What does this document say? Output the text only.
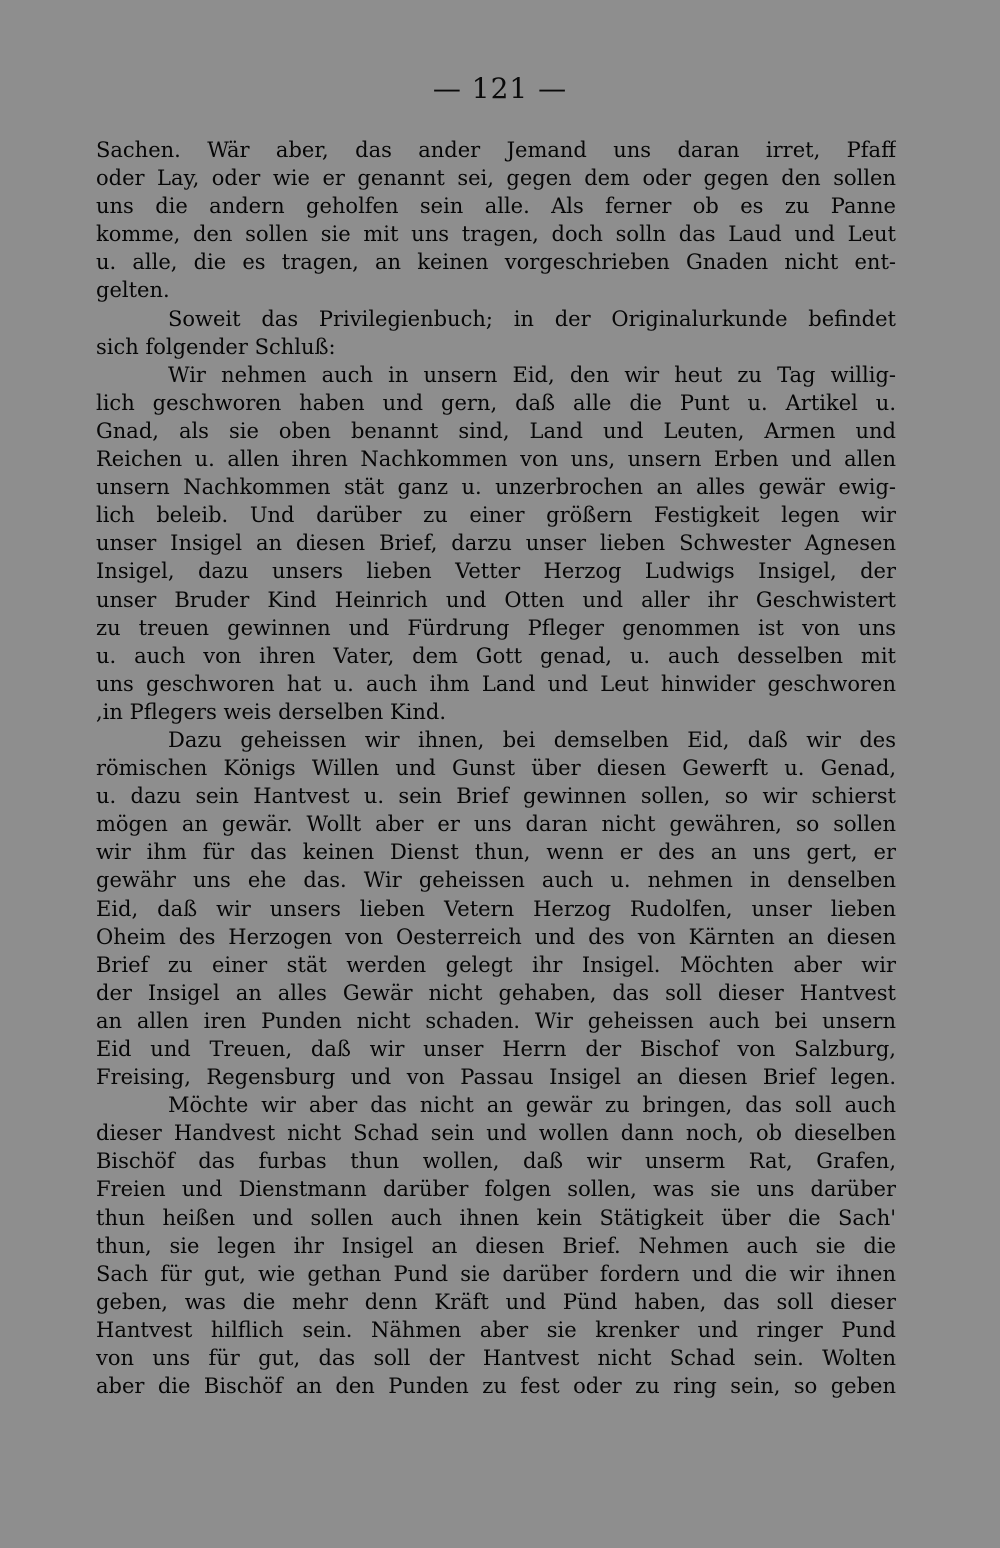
— 121 —
Sachen. Wär aber, das ander Jemand uns daran irret, Pfaff
oder Lay, oder wie er genannt sei, gegen dem oder gegen den sollen
uns die andern geholfen sein alle. Als ferner ob es zu Panne
komme, den sollen sie mit uns tragen, doch solln das Laud und Leut
u. alle, die es tragen, an keinen vorgeschrieben Gnaden nicht ent-
gelten.
Soweit das Privilegienbuch; in der Originalurkunde befindet
sich folgender Schluß:
Wir nehmen auch in unsern Eid, den wir heut zu Tag willig-
lich geschworen haben und gern, daß alle die Punt u. Artikel u.
Gnad, als sie oben benannt sind, Land und Leuten, Armen und
Reichen u. allen ihren Nachkommen von uns, unsern Erben und allen
unsern Nachkommen stät ganz u. unzerbrochen an alles gewär ewig-
lich beleib. Und darüber zu einer größern Festigkeit legen wir
unser Insigel an diesen Brief, darzu unser lieben Schwester Agnesen
Insigel, dazu unsers lieben Vetter Herzog Ludwigs Insigel, der
unser Bruder Kind Heinrich und Otten und aller ihr Geschwistert
zu treuen gewinnen und Fürdrung Pfleger genommen ist von uns
u. auch von ihren Vater, dem Gott genad, u. auch desselben mit
uns geschworen hat u. auch ihm Land und Leut hinwider geschworen
,in Pflegers weis derselben Kind.
Dazu geheissen wir ihnen, bei demselben Eid, daß wir des
römischen Königs Willen und Gunst über diesen Gewerft u. Genad,
u. dazu sein Hantvest u. sein Brief gewinnen sollen, so wir schierst
mögen an gewär. Wollt aber er uns daran nicht gewähren, so sollen
wir ihm für das keinen Dienst thun, wenn er des an uns gert, er
gewähr uns ehe das. Wir geheissen auch u. nehmen in denselben
Eid, daß wir unsers lieben Vetern Herzog Rudolfen, unser lieben
Oheim des Herzogen von Oesterreich und des von Kärnten an diesen
Brief zu einer stät werden gelegt ihr Insigel. Möchten aber wir
der Insigel an alles Gewär nicht gehaben, das soll dieser Hantvest
an allen iren Punden nicht schaden. Wir geheissen auch bei unsern
Eid und Treuen, daß wir unser Herrn der Bischof von Salzburg,
Freising, Regensburg und von Passau Insigel an diesen Brief legen.
Möchte wir aber das nicht an gewär zu bringen, das soll auch
dieser Handvest nicht Schad sein und wollen dann noch, ob dieselben
Bischöf das furbas thun wollen, daß wir unserm Rat, Grafen,
Freien und Dienstmann darüber folgen sollen, was sie uns darüber
thun heißen und sollen auch ihnen kein Stätigkeit über die Sach'
thun, sie legen ihr Insigel an diesen Brief. Nehmen auch sie die
Sach für gut, wie gethan Pund sie darüber fordern und die wir ihnen
geben, was die mehr denn Kräft und Pünd haben, das soll dieser
Hantvest hilflich sein. Nähmen aber sie krenker und ringer Pund
von uns für gut, das soll der Hantvest nicht Schad sein. Wolten
aber die Bischöf an den Punden zu fest oder zu ring sein, so geben
